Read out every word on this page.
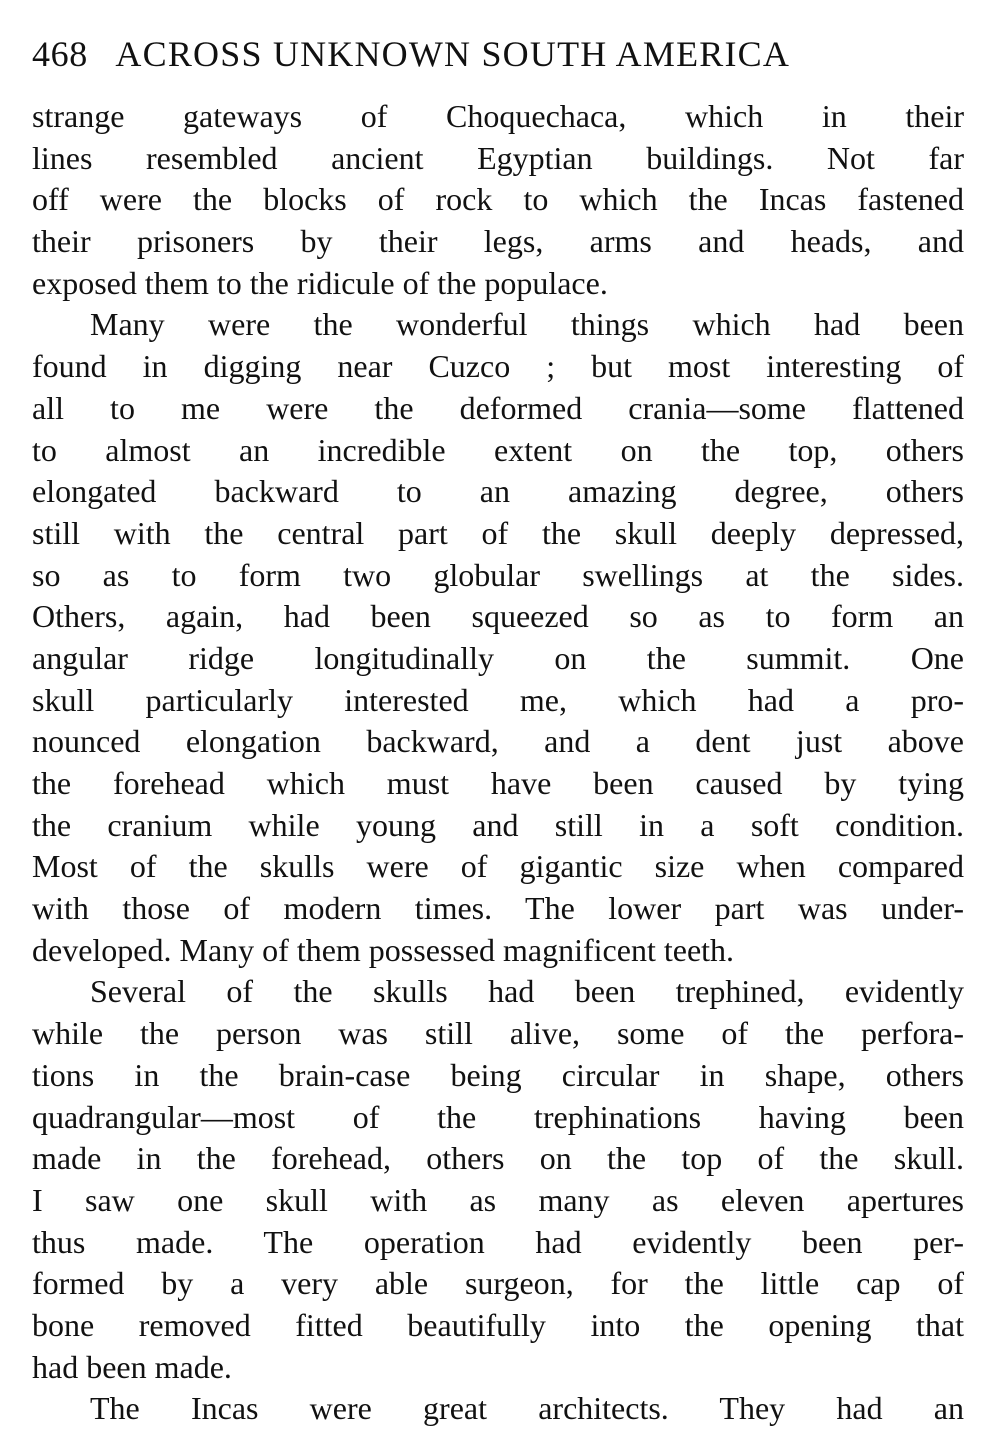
468 ACROSS UNKNOWN SOUTH AMERICA
strange gateways of Choquechaca, which in their
lines resembled ancient Egyptian buildings. Not far
off were the blocks of rock to which the Incas fastened
their prisoners by their legs, arms and heads, and
exposed them to the ridicule of the populace.
Many were the wonderful things which had been
found in digging near Cuzco ; but most interesting of
all to me were the deformed crania—some flattened
to almost an incredible extent on the top, others
elongated backward to an amazing degree, others
still with the central part of the skull deeply depressed,
so as to form two globular swellings at the sides.
Others, again, had been squeezed so as to form an
angular ridge longitudinally on the summit. One
skull particularly interested me, which had a pro-
nounced elongation backward, and a dent just above
the forehead which must have been caused by tying
the cranium while young and still in a soft condition.
Most of the skulls were of gigantic size when compared
with those of modern times. The lower part was under-
developed. Many of them possessed magnificent teeth.
Several of the skulls had been trephined, evidently
while the person was still alive, some of the perfora-
tions in the brain-case being circular in shape, others
quadrangular—most of the trephinations having been
made in the forehead, others on the top of the skull.
I saw one skull with as many as eleven apertures
thus made. The operation had evidently been per-
formed by a very able surgeon, for the little cap of
bone removed fitted beautifully into the opening that
had been made.
The Incas were great architects. They had an
